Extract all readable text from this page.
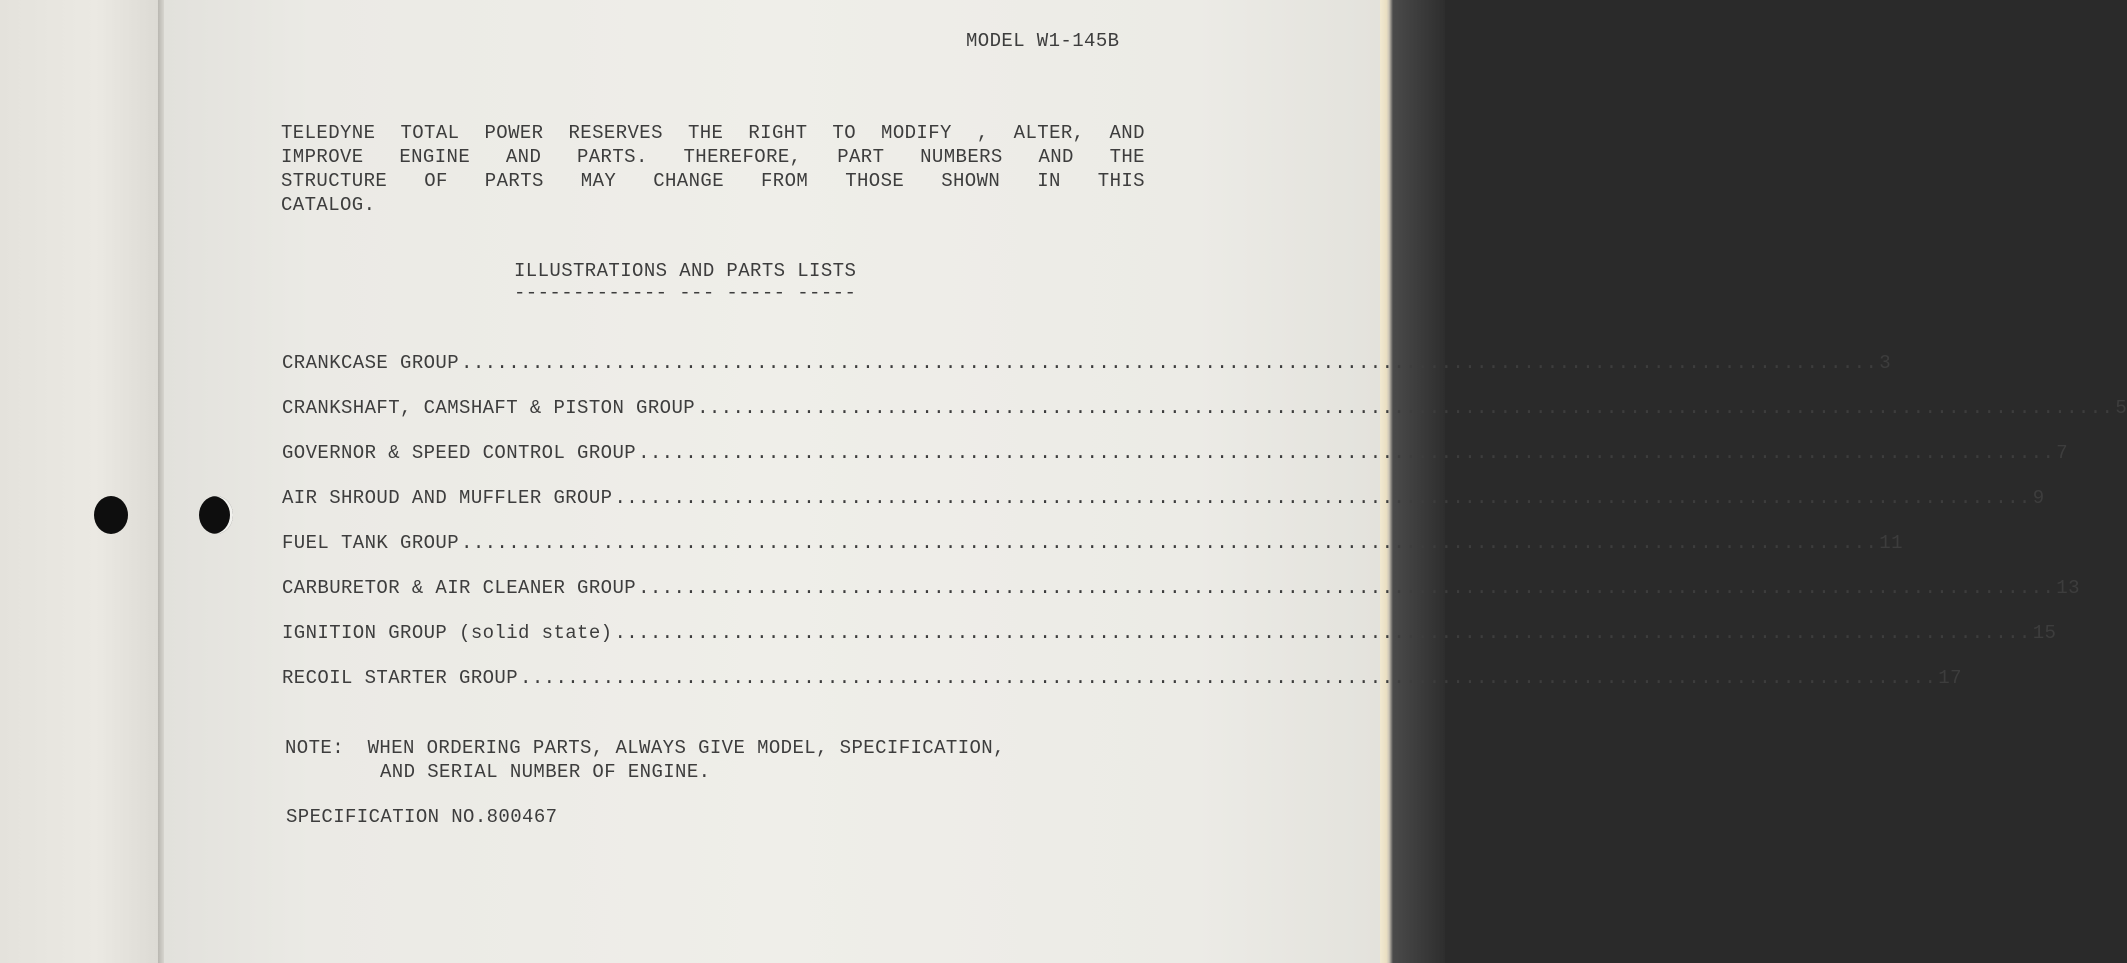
MODEL W1-145B
TELEDYNE TOTAL POWER RESERVES THE RIGHT TO MODIFY , ALTER, AND
IMPROVE ENGINE AND PARTS. THEREFORE, PART NUMBERS AND THE
STRUCTURE OF PARTS MAY CHANGE FROM THOSE SHOWN IN THIS
CATALOG.
ILLUSTRATIONS AND PARTS LISTS
------------- --- ----- -----
CRANKCASE GROUP ........................................................................................................................ 3
CRANKSHAFT, CAMSHAFT & PISTON GROUP ........................................................................................................................ 5
GOVERNOR & SPEED CONTROL GROUP ........................................................................................................................ 7
AIR SHROUD AND MUFFLER GROUP ........................................................................................................................ 9
FUEL TANK GROUP ........................................................................................................................ 11
CARBURETOR & AIR CLEANER GROUP ........................................................................................................................ 13
IGNITION GROUP (solid state) ........................................................................................................................ 15
RECOIL STARTER GROUP ........................................................................................................................ 17
NOTE:  WHEN ORDERING PARTS, ALWAYS GIVE MODEL, SPECIFICATION,
AND SERIAL NUMBER OF ENGINE.
SPECIFICATION NO.800467
